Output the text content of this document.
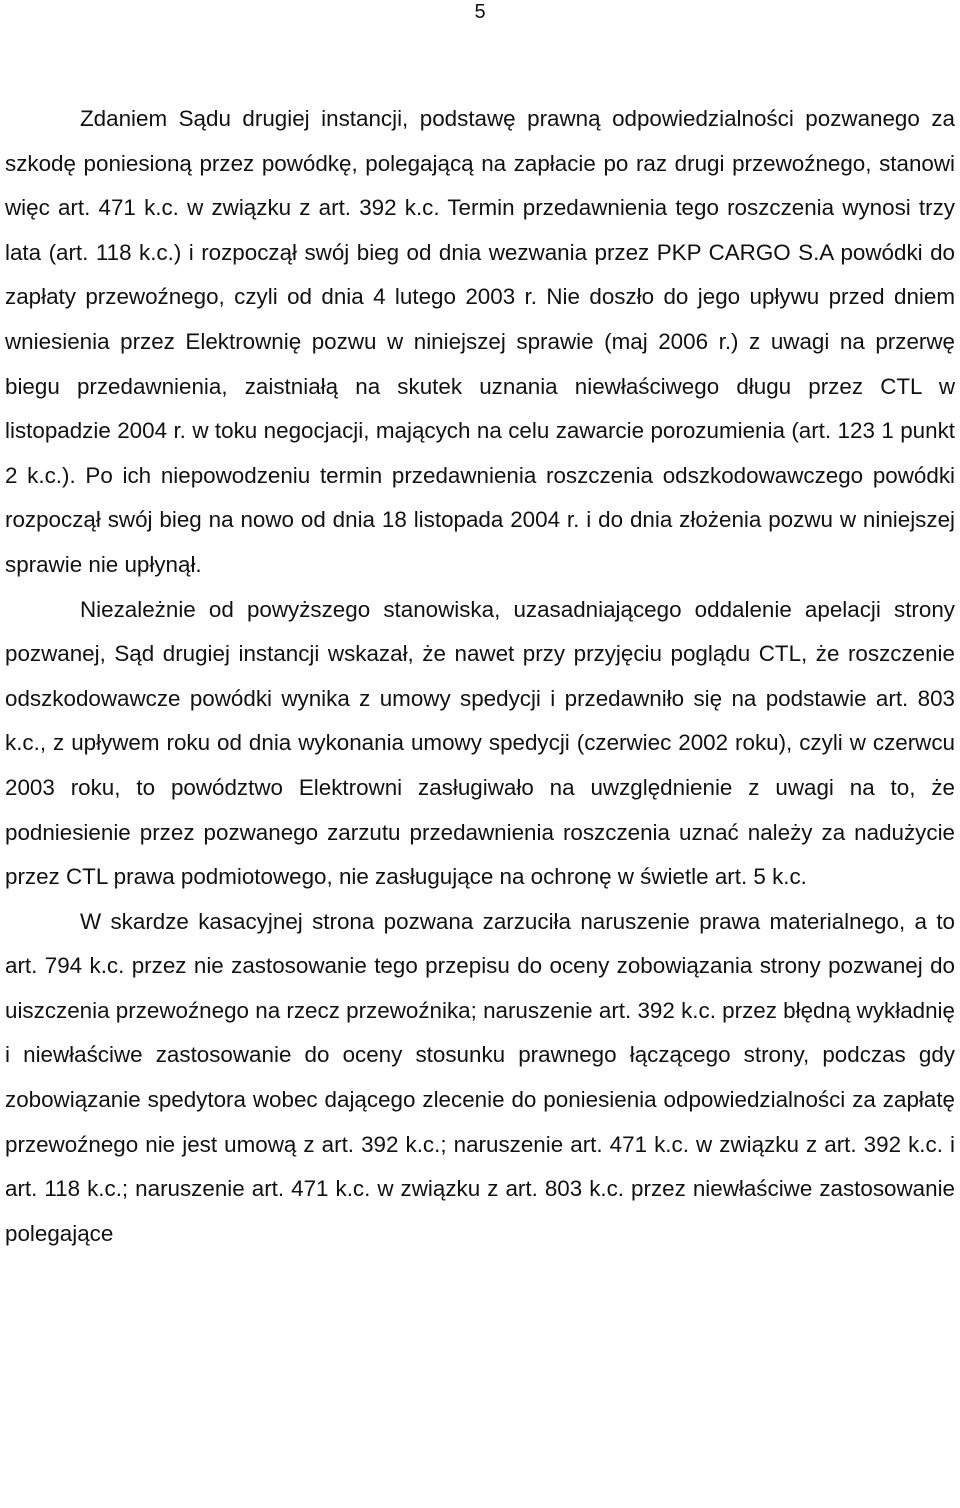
5

Zdaniem Sądu drugiej instancji, podstawę prawną odpowiedzialności pozwanego za szkodę poniesioną przez powódkę, polegającą na zapłacie po raz drugi przewoźnego, stanowi więc art. 471 k.c. w związku z art. 392 k.c. Termin przedawnienia tego roszczenia wynosi trzy lata (art. 118 k.c.) i rozpoczął swój bieg od dnia wezwania przez PKP CARGO S.A powódki do zapłaty przewoźnego, czyli od dnia 4 lutego 2003 r. Nie doszło do jego upływu przed dniem wniesienia przez Elektrownię pozwu w niniejszej sprawie (maj 2006 r.) z uwagi na przerwę biegu przedawnienia, zaistniałą na skutek uznania niewłaściwego długu przez CTL w listopadzie 2004 r. w toku negocjacji, mających na celu zawarcie porozumienia (art. 123 1 punkt 2 k.c.). Po ich niepowodzeniu termin przedawnienia roszczenia odszkodowawczego powódki rozpoczął swój bieg na nowo od dnia 18 listopada 2004 r. i do dnia złożenia pozwu w niniejszej sprawie nie upłynął.

Niezależnie od powyższego stanowiska, uzasadniającego oddalenie apelacji strony pozwanej, Sąd drugiej instancji wskazał, że nawet przy przyjęciu poglądu CTL, że roszczenie odszkodowawcze powódki wynika z umowy spedycji i przedawniło się na podstawie art. 803 k.c., z upływem roku od dnia wykonania umowy spedycji (czerwiec 2002 roku), czyli w czerwcu 2003 roku, to powództwo Elektrowni zasługiwało na uwzględnienie z uwagi na to, że podniesienie przez pozwanego zarzutu przedawnienia roszczenia uznać należy za nadużycie przez CTL prawa podmiotowego, nie zasługujące na ochronę w świetle art. 5 k.c.

W skardze kasacyjnej strona pozwana zarzuciła naruszenie prawa materialnego, a to art. 794 k.c. przez nie zastosowanie tego przepisu do oceny zobowiązania strony pozwanej do uiszczenia przewoźnego na rzecz przewoźnika; naruszenie art. 392 k.c. przez błędną wykładnię i niewłaściwe zastosowanie do oceny stosunku prawnego łączącego strony, podczas gdy zobowiązanie spedytora wobec dającego zlecenie do poniesienia odpowiedzialności za zapłatę przewoźnego nie jest umową z art. 392 k.c.; naruszenie art. 471 k.c. w związku z art. 392 k.c. i art. 118 k.c.; naruszenie art. 471 k.c. w związku z art. 803 k.c. przez niewłaściwe zastosowanie polegające
